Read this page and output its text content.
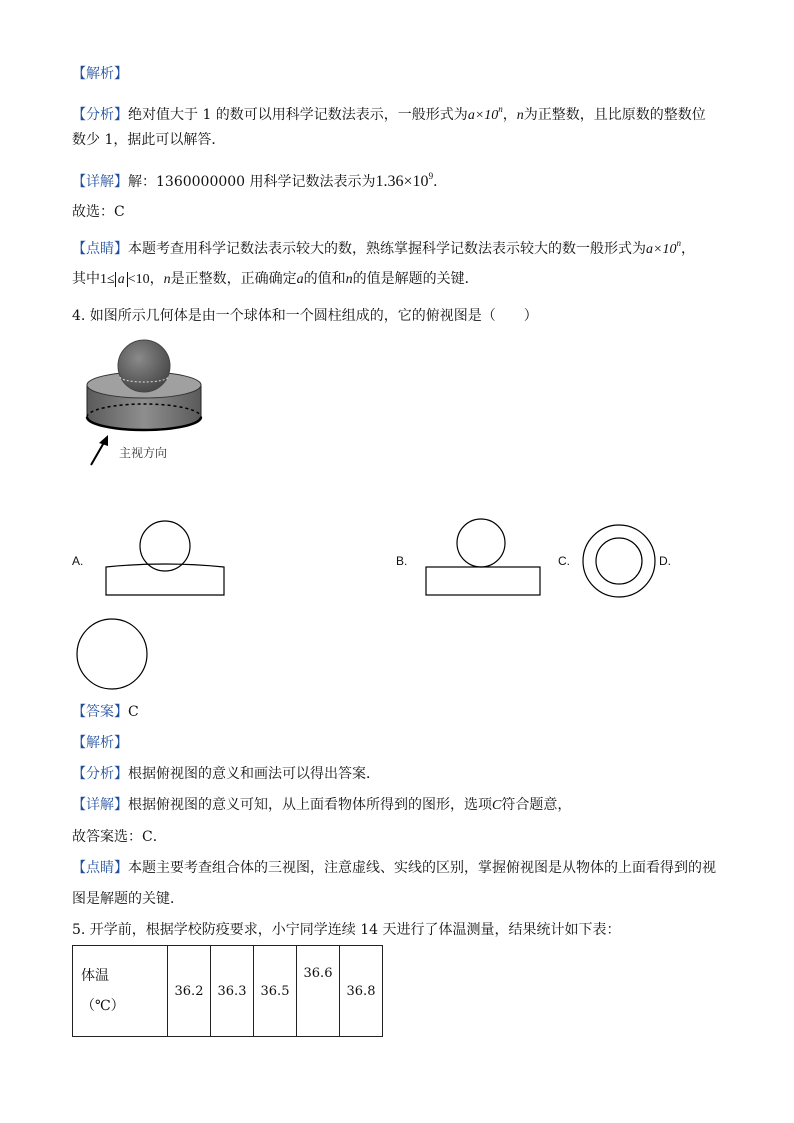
【解析】
【分析】绝对值大于 1 的数可以用科学记数法表示，一般形式为$a\times 10^n$，n为正整数，且比原数的整数位
数少 1，据此可以解答．
【详解】解：1360000000 用科学记数法表示为$1.36\times 10^9$．
故选：C
【点睛】本题考查用科学记数法表示较大的数，熟练掌握科学记数法表示较大的数一般形式为$a\times 10^n$，
其中1≤ a <10，n是正整数，正确确定a的值和n的值是解题的关键．
4. 如图所示几何体是由一个球体和一个圆柱组成的，它的俯视图是（　　）
主视方向
A.	B.	C.	D.
【答案】C
【解析】
【分析】根据俯视图的意义和画法可以得出答案．
【详解】根据俯视图的意义可知，从上面看物体所得到的图形，选项C符合题意，
故答案选：C．
【点睛】本题主要考查组合体的三视图，注意虚线、实线的区别，掌握俯视图是从物体的上面看得到的视
图是解题的关键．
5. 开学前，根据学校防疫要求，小宁同学连续 14 天进行了体温测量，结果统计如下表：
体温
（℃）
	36.2	36.3	36.5	36.6	36.8
